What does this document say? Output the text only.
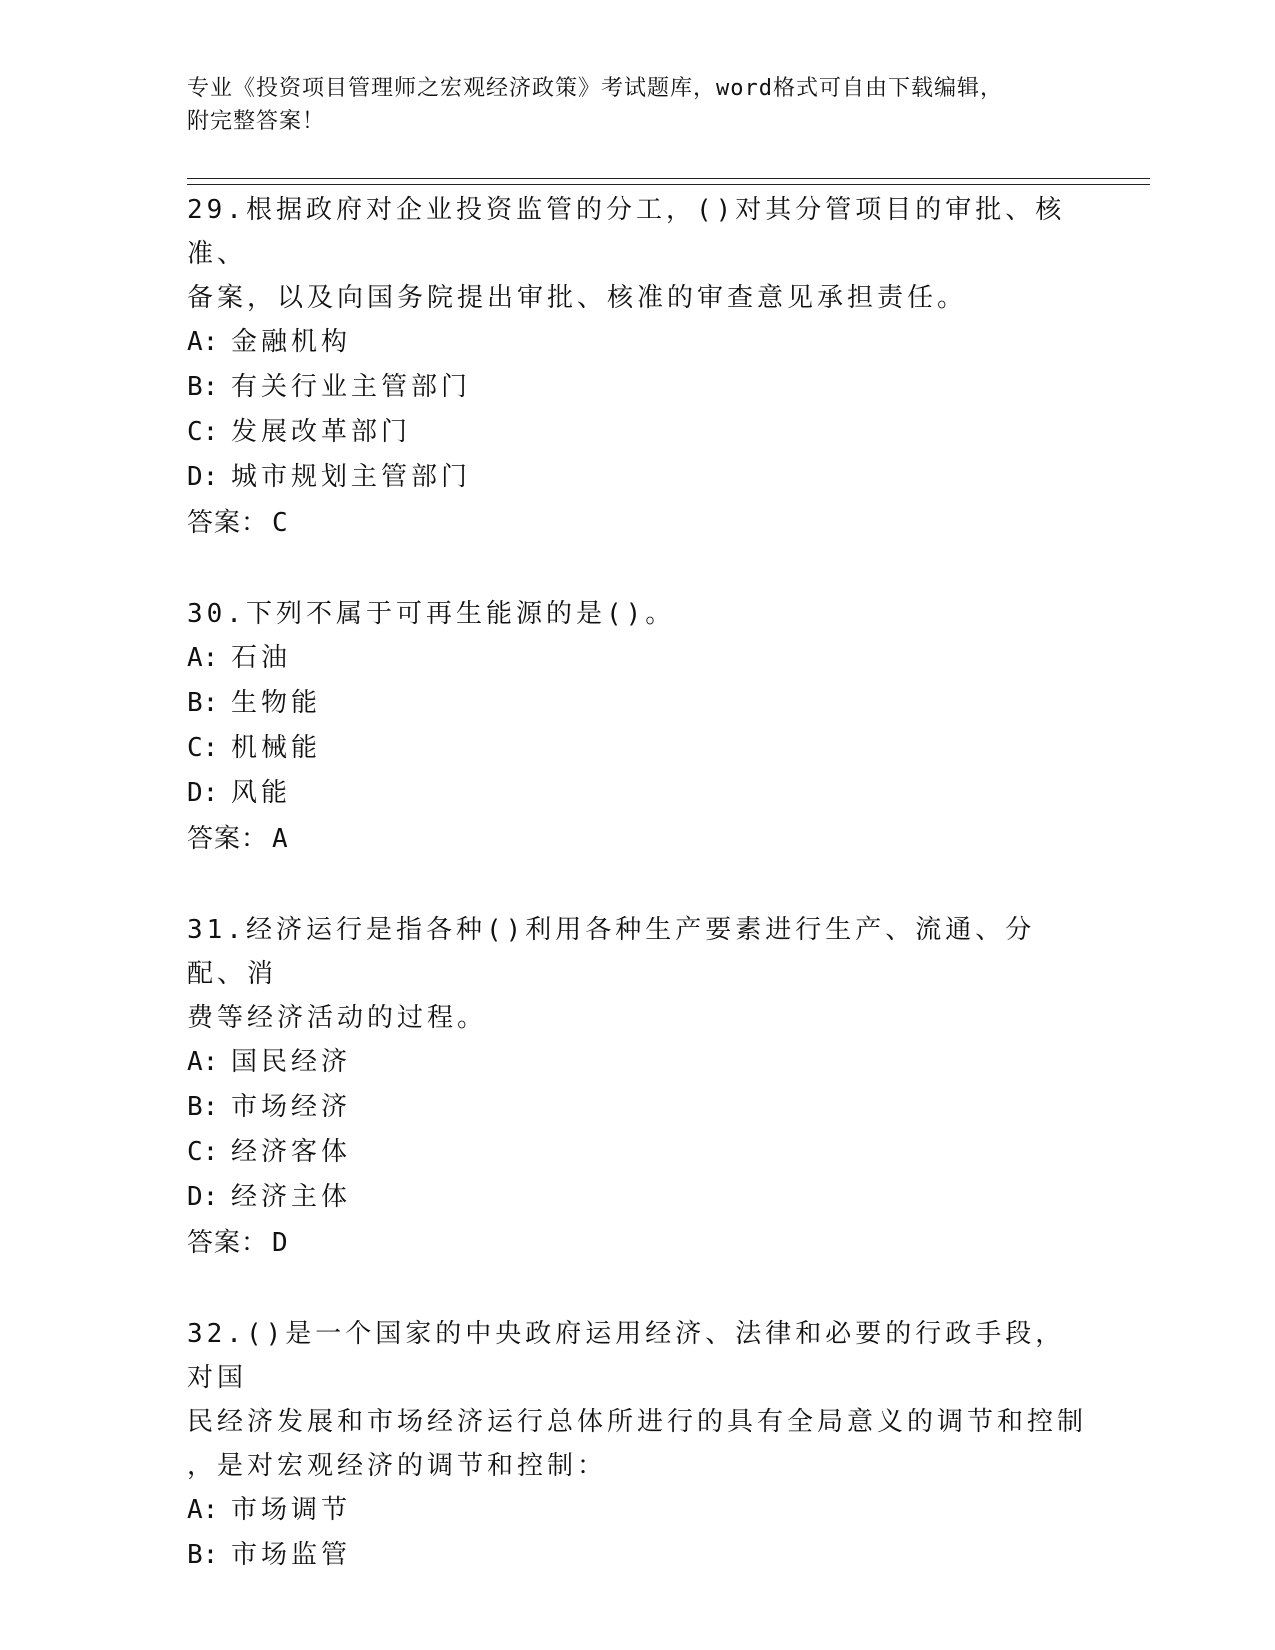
专业《投资项目管理师之宏观经济政策》考试题库，word格式可自由下载编辑，
附完整答案！
29.根据政府对企业投资监管的分工，()对其分管项目的审批、核准、
备案，以及向国务院提出审批、核准的审查意见承担责任。
A: 金融机构
B: 有关行业主管部门
C: 发展改革部门
D: 城市规划主管部门
答案： C
30.下列不属于可再生能源的是()。
A: 石油
B: 生物能
C: 机械能
D: 风能
答案： A
31.经济运行是指各种()利用各种生产要素进行生产、流通、分配、消
费等经济活动的过程。
A: 国民经济
B: 市场经济
C: 经济客体
D: 经济主体
答案： D
32.()是一个国家的中央政府运用经济、法律和必要的行政手段，对国
民经济发展和市场经济运行总体所进行的具有全局意义的调节和控制
，是对宏观经济的调节和控制：
A: 市场调节
B: 市场监管
